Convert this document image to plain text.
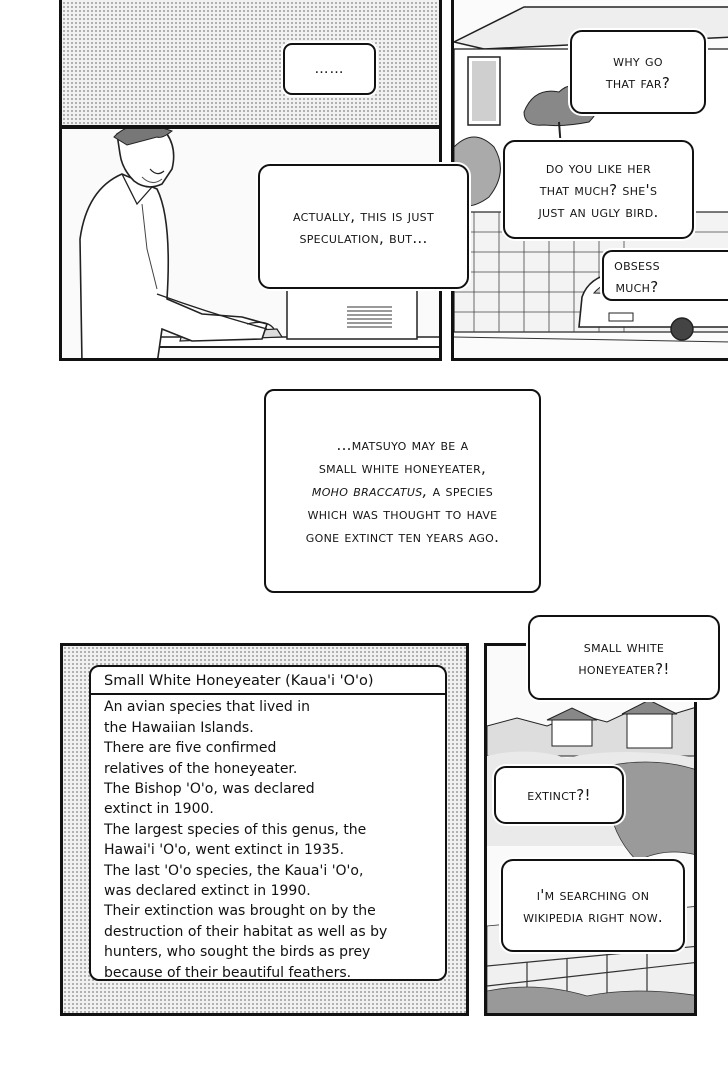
……
actually, this is just
speculation, but...
why go
that far?
do you like her
that much? she's
just an ugly bird.
obsess
much?
...matsuyo may be a
small white honeyeater,
moho braccatus, a species
which was thought to have
gone extinct ten years ago.
Small White Honeyeater (Kaua'i 'O'o)
An avian species that lived in
the Hawaiian Islands.
There are five confirmed
relatives of the honeyeater.
The Bishop 'O'o, was declared
extinct in 1900.
The largest species of this genus, the
Hawai'i 'O'o, went extinct in 1935.
The last 'O'o species, the Kaua'i 'O'o,
was declared extinct in 1990.
Their extinction was brought on by the
destruction of their habitat as well as by
hunters, who sought the birds as prey
because of their beautiful feathers.
small white
honeyeater?!
extinct?!
i'm searching on
wikipedia right now.
